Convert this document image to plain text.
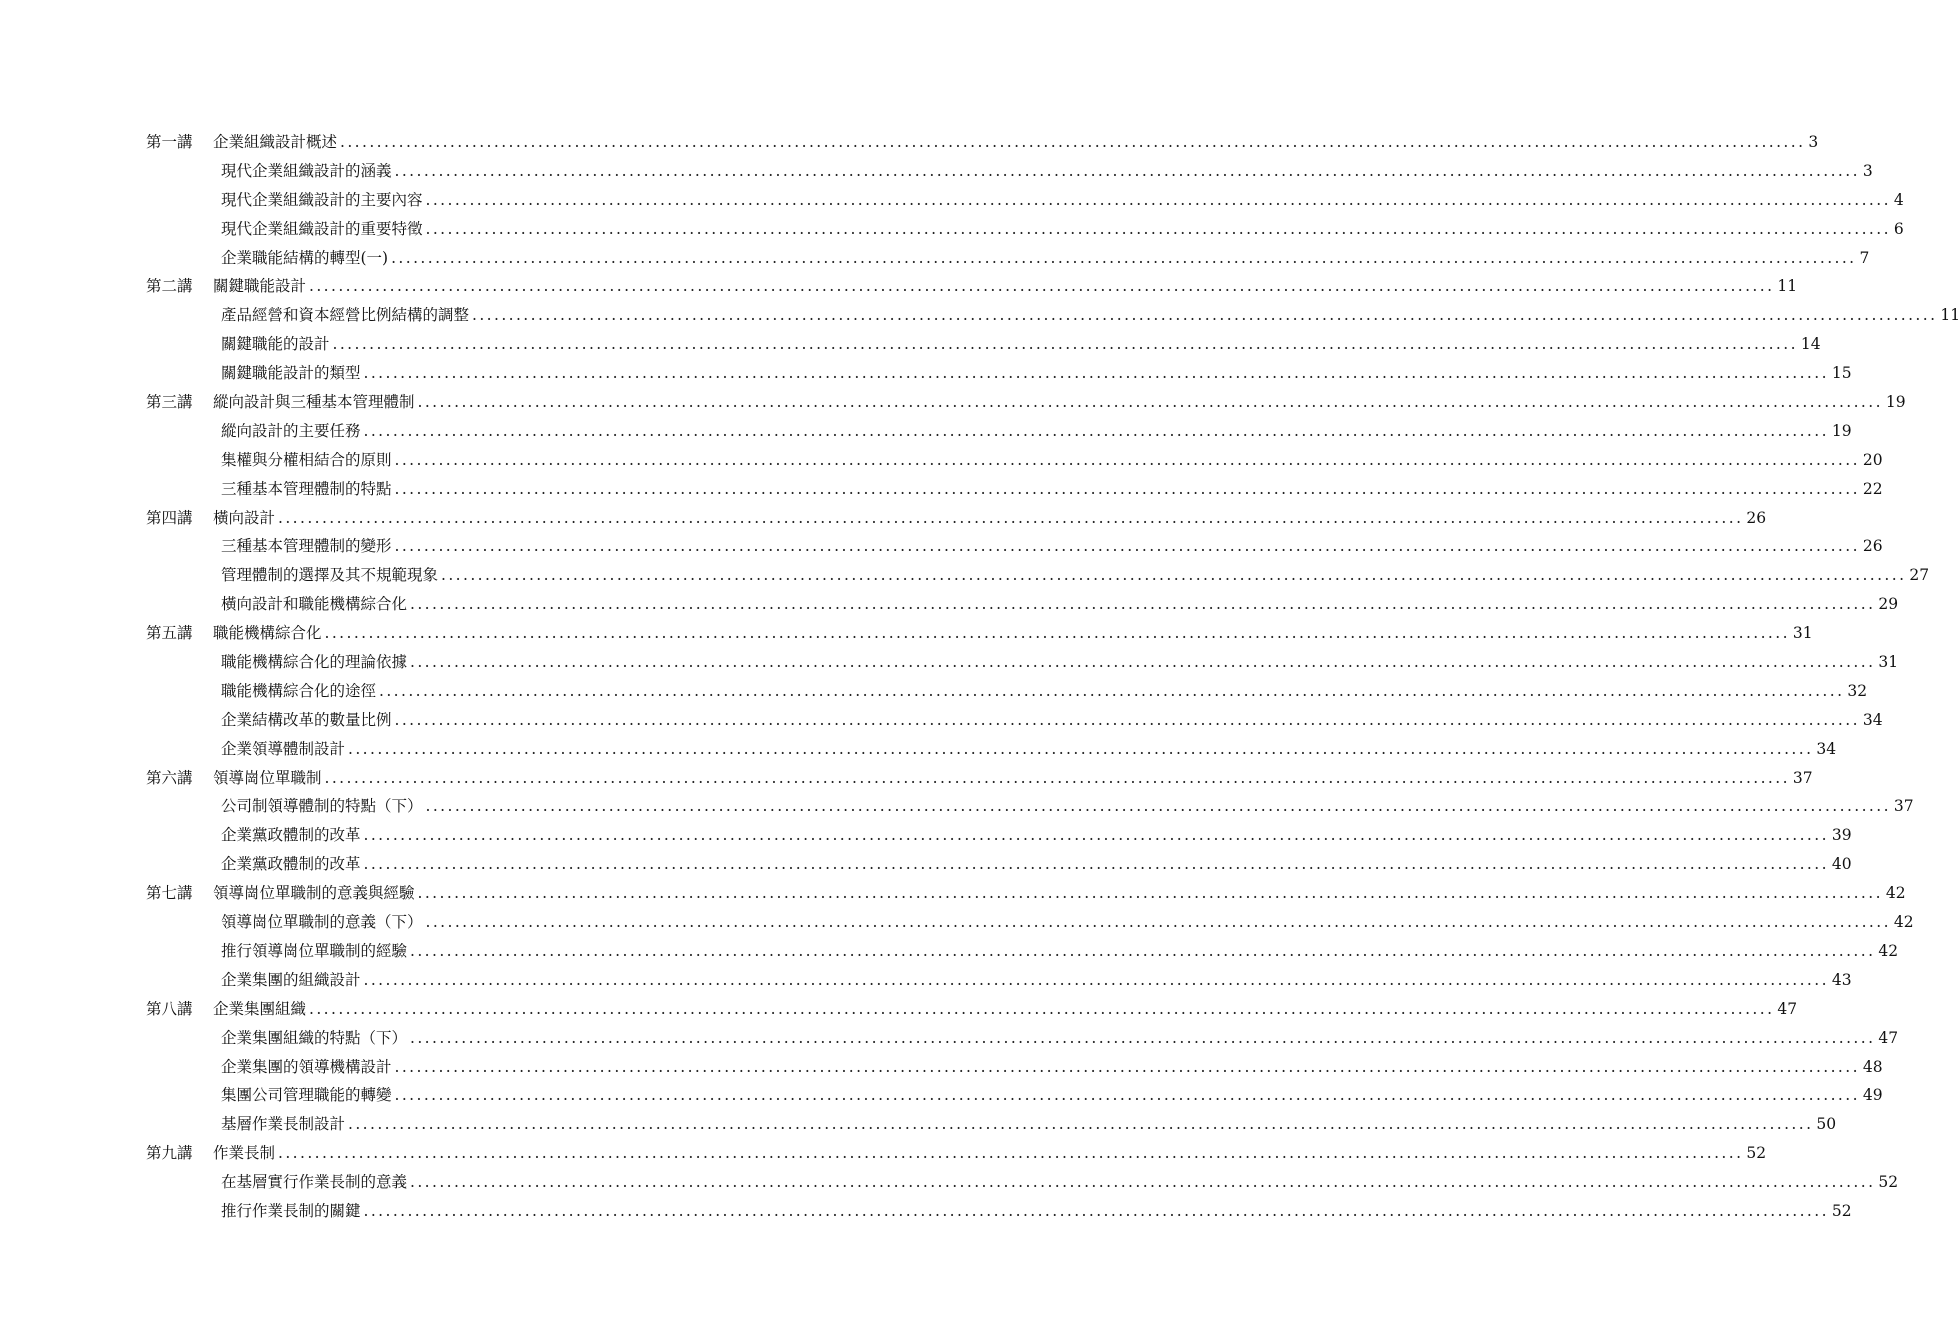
第一講	企業組織設計概述 ........................................................................................................................................................................................................ 3
現代企業組織設計的涵義 ........................................................................................................................................................................................................ 3
現代企業組織設計的主要內容 ........................................................................................................................................................................................................ 4
現代企業組織設計的重要特徵 ........................................................................................................................................................................................................ 6
企業職能結構的轉型(一) ........................................................................................................................................................................................................ 7
第二講	關鍵職能設計 ........................................................................................................................................................................................................ 11
產品經營和資本經營比例結構的調整 ........................................................................................................................................................................................................ 11
關鍵職能的設計 ........................................................................................................................................................................................................ 14
關鍵職能設計的類型 ........................................................................................................................................................................................................ 15
第三講	縱向設計與三種基本管理體制 ........................................................................................................................................................................................................ 19
縱向設計的主要任務 ........................................................................................................................................................................................................ 19
集權與分權相結合的原則 ........................................................................................................................................................................................................ 20
三種基本管理體制的特點 ........................................................................................................................................................................................................ 22
第四講	橫向設計 ........................................................................................................................................................................................................ 26
三種基本管理體制的變形 ........................................................................................................................................................................................................ 26
管理體制的選擇及其不規範現象 ........................................................................................................................................................................................................ 27
橫向設計和職能機構綜合化 ........................................................................................................................................................................................................ 29
第五講	職能機構綜合化 ........................................................................................................................................................................................................ 31
職能機構綜合化的理論依據 ........................................................................................................................................................................................................ 31
職能機構綜合化的途徑 ........................................................................................................................................................................................................ 32
企業結構改革的數量比例 ........................................................................................................................................................................................................ 34
企業領導體制設計 ........................................................................................................................................................................................................ 34
第六講	領導崗位單職制 ........................................................................................................................................................................................................ 37
公司制領導體制的特點（下） ........................................................................................................................................................................................................ 37
企業黨政體制的改革 ........................................................................................................................................................................................................ 39
企業黨政體制的改革 ........................................................................................................................................................................................................ 40
第七講	領導崗位單職制的意義與經驗 ........................................................................................................................................................................................................ 42
領導崗位單職制的意義（下） ........................................................................................................................................................................................................ 42
推行領導崗位單職制的經驗 ........................................................................................................................................................................................................ 42
企業集團的組織設計 ........................................................................................................................................................................................................ 43
第八講	企業集團組織 ........................................................................................................................................................................................................ 47
企業集團組織的特點（下） ........................................................................................................................................................................................................ 47
企業集團的領導機構設計 ........................................................................................................................................................................................................ 48
集團公司管理職能的轉變 ........................................................................................................................................................................................................ 49
基層作業長制設計 ........................................................................................................................................................................................................ 50
第九講	作業長制 ........................................................................................................................................................................................................ 52
在基層實行作業長制的意義 ........................................................................................................................................................................................................ 52
推行作業長制的關鍵 ........................................................................................................................................................................................................ 52
